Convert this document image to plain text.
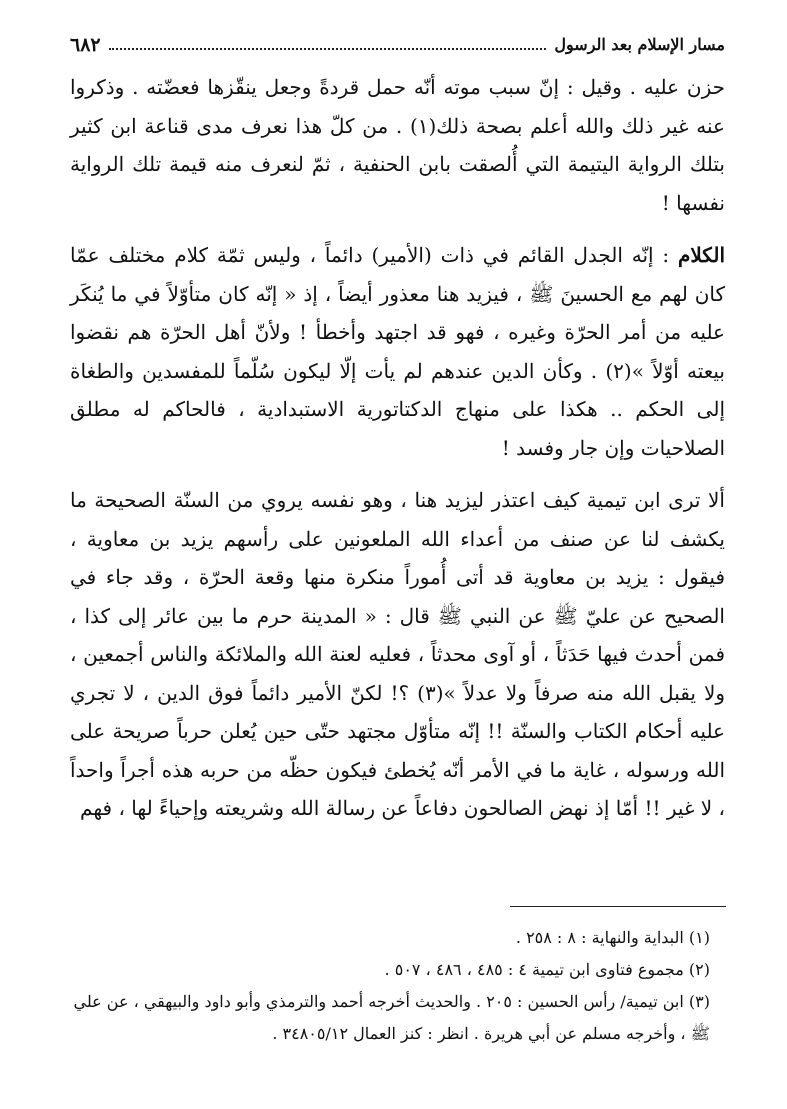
مسار الإسلام بعد الرسول
٦٨٢

حزن عليه . وقيل : إنّ سبب موته أنّه حمل قردةً وجعل ينقّزها فعضّته . وذكروا عنه غير ذلك والله أعلم بصحة ذلك(١) . من كلّ هذا نعرف مدى قناعة ابن كثير بتلك الرواية اليتيمة التي أُلصقت بابن الحنفية ، ثمّ لنعرف منه قيمة تلك الرواية نفسها !

الكلام : إنّه الجدل القائم في ذات (الأمير) دائماً ، وليس ثمّة كلام مختلف عمّا كان لهم مع الحسينَ ﷺ ، فيزيد هنا معذور أيضاً ، إذ « إنّه كان متأوّلاً في ما يُنكَر عليه من أمر الحرّة وغيره ، فهو قد اجتهد وأخطأ ! ولأنّ أهل الحرّة هم نقضوا بيعته أوّلاً »(٢) . وكأن الدين عندهم لم يأت إلّا ليكون سُلّماً للمفسدين والطغاة إلى الحكم .. هكذا على منهاج الدكتاتورية الاستبدادية ، فالحاكم له مطلق الصلاحيات وإن جار وفسد !

ألا ترى ابن تيمية كيف اعتذر ليزيد هنا ، وهو نفسه يروي من السنّة الصحيحة ما يكشف لنا عن صنف من أعداء الله الملعونين على رأسهم يزيد بن معاوية ، فيقول : يزيد بن معاوية قد أتى أُموراً منكرة منها وقعة الحرّة ، وقد جاء في الصحيح عن عليّ ﷺ عن النبي ﷺ قال : « المدينة حرم ما بين عائر إلى كذا ، فمن أحدث فيها حَدَثاً ، أو آوى محدثاً ، فعليه لعنة الله والملائكة والناس أجمعين ، ولا يقبل الله منه صرفاً ولا عدلاً »(٣) ؟! لكنّ الأمير دائماً فوق الدين ، لا تجري عليه أحكام الكتاب والسنّة !! إنّه متأوّل مجتهد حتّى حين يُعلن حرباً صريحة على الله ورسوله ، غاية ما في الأمر أنّه يُخطئ فيكون حظّه من حربه هذه أجراً واحداً ، لا غير !! أمّا إذ نهض الصالحون دفاعاً عن رسالة الله وشريعته وإحياءً لها ، فهم

(١) البداية والنهاية : ٨ : ٢٥٨ .

(٢) مجموع فتاوى ابن تيمية ٤ : ٤٨٥ ، ٤٨٦ ، ٥٠٧ .

(٣) ابن تيمية/ رأس الحسين : ٢٠٥ . والحديث أخرجه أحمد والترمذي وأبو داود والبيهقي ، عن علي ﷺ ، وأخرجه مسلم عن أبي هريرة . انظر : كنز العمال ٣٤٨٠٥/١٢ .
